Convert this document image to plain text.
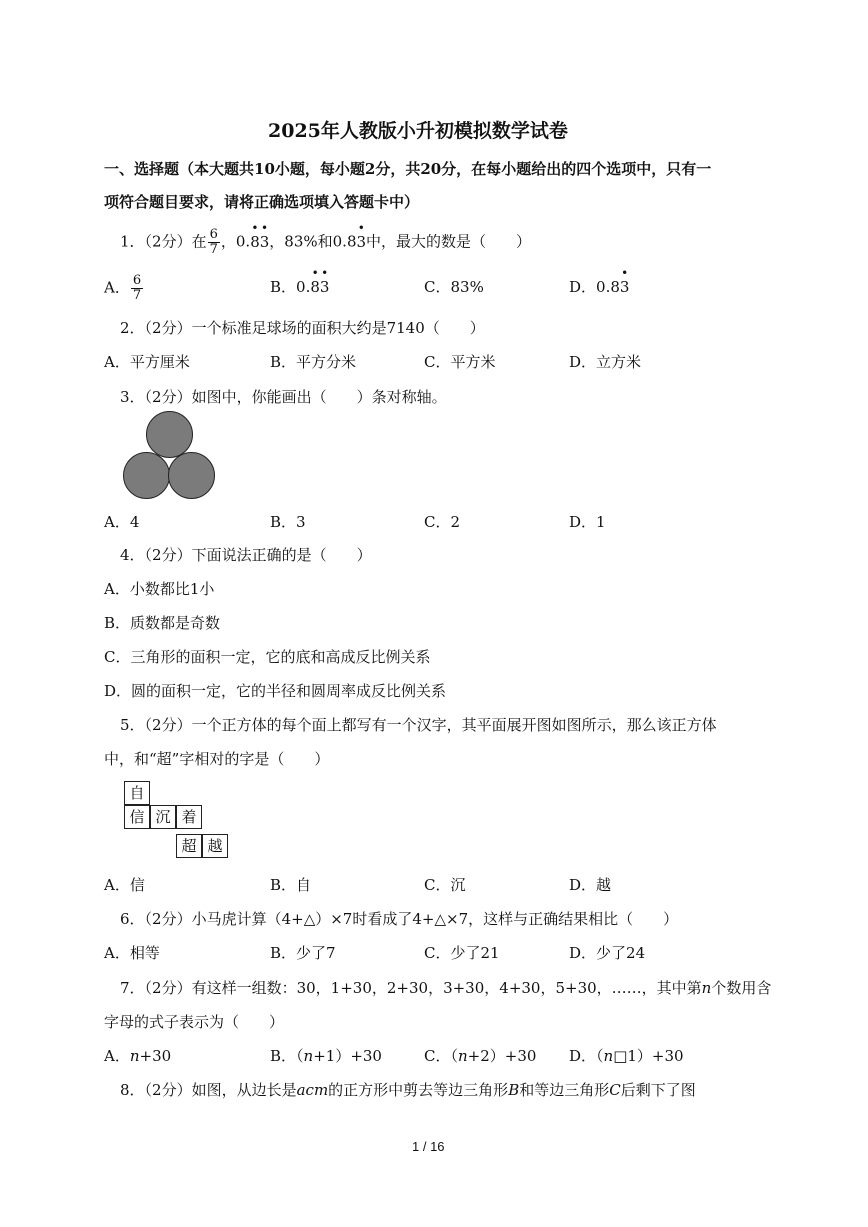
2025年人教版小升初模拟数学试卷
一、选择题（本大题共10小题，每小题2分，共20分，在每小题给出的四个选项中，只有一
项符合题目要求，请将正确选项填入答题卡中）
1．（2分）在 $\frac{6}{7}$ ，0.
•
8
•
3，83%和0.8
•
3中，最大的数是（　　）
A． $\frac{6}{7}$	B．0.
•
8
•
3	C．83%	D．0.8
•
3
2．（2分）一个标准足球场的面积大约是7140（　　）
A．平方厘米	B．平方分米	C．平方米	D．立方米
3．（2分）如图中，你能画出（　　）条对称轴。
A．4	B．3	C．2	D．1
4．（2分）下面说法正确的是（　　）
A．小数都比1小
B．质数都是奇数
C．三角形的面积一定，它的底和高成反比例关系
D．圆的面积一定，它的半径和圆周率成反比例关系
5．（2分）一个正方体的每个面上都写有一个汉字，其平面展开图如图所示，那么该正方体
中，和“超”字相对的字是（　　）
自
信 沉 着
超 越
A．信	B．自	C．沉	D．越
6．（2分）小马虎计算（4+△）×7时看成了4+△×7，这样与正确结果相比（　　）
A．相等	B．少了7	C．少了21	D．少了24
7．（2分）有这样一组数：30，1+30，2+30，3+30，4+30，5+30，……，其中第n个数用含
字母的式子表示为（　　）
A．n+30	B．（n+1）+30	C．（n+2）+30 D．（n□1）+30
8．（2分）如图，从边长是acm的正方形中剪去等边三角形B和等边三角形C后剩下了图
1 / 16
